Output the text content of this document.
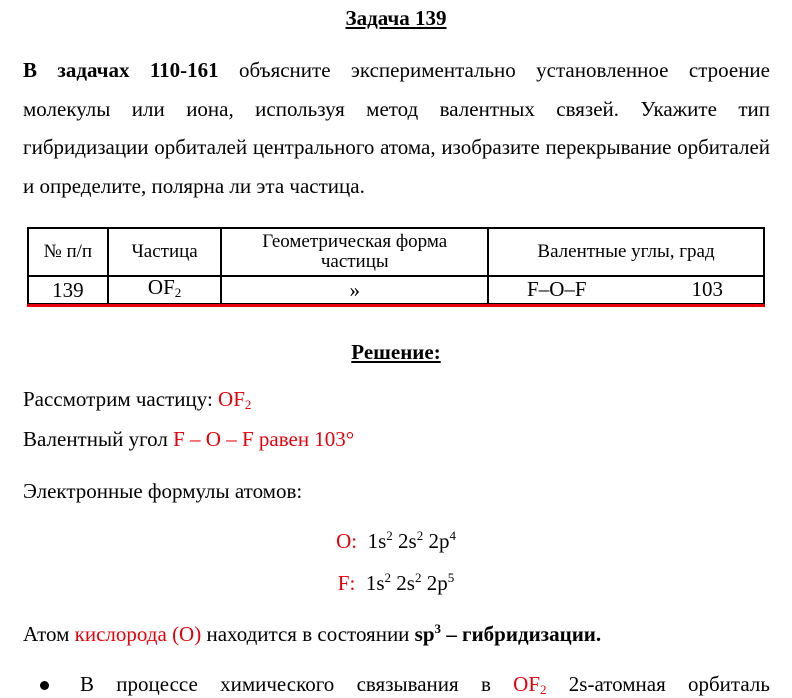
Задача 139
В задачах 110-161 объясните экспериментально установленное строение молекулы или иона, используя метод валентных связей. Укажите тип гибридизации орбиталей центрального атома, изобразите перекрывание орбиталей и определите, полярна ли эта частица.
№ п/п	Частица	Геометрическая форма частицы	Валентные углы, град
139	$OF_2$	»	F–O–F 103
Решение:
Рассмотрим частицу: $OF_2$
Валентный угол F – O – F равен 103°
Электронные формулы атомов:
O: $1s^2$ $2s^2$ $2p^4$
F: $1s^2$ $2s^2$ $2p^5$
Атом кислорода (О) находится в состоянии $sp^3$ – гибридизации.
В процессе химического связывания в $OF_2$ 2s-атомная орбиталь
